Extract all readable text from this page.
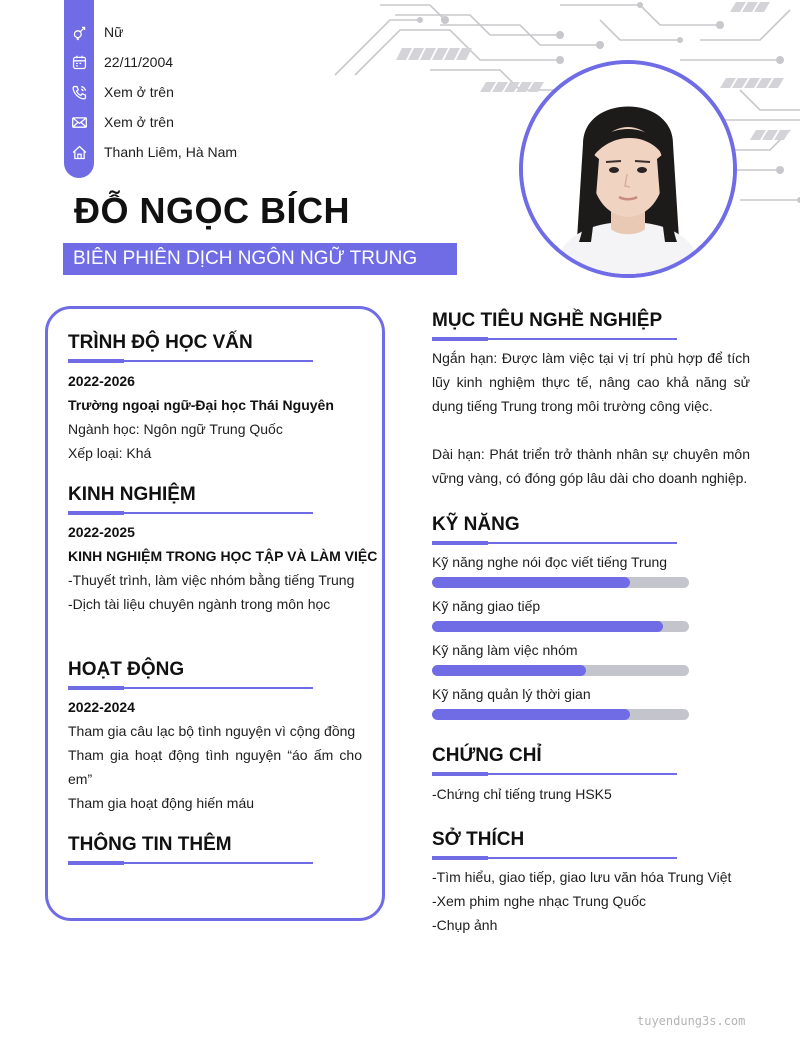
Nữ
22/11/2004
Xem ở trên
Xem ở trên
Thanh Liêm, Hà Nam
ĐỖ NGỌC BÍCH
BIÊN PHIÊN DỊCH NGÔN NGỮ TRUNG
TRÌNH ĐỘ HỌC VẤN
2022-2026
Trường ngoại ngữ-Đại học Thái Nguyên
Ngành học: Ngôn ngữ Trung Quốc
Xếp loại: Khá
KINH NGHIỆM
2022-2025
KINH NGHIỆM TRONG HỌC TẬP VÀ LÀM VIỆC
-Thuyết trình, làm việc nhóm bằng tiếng Trung
-Dịch tài liệu chuyên ngành trong môn học
HOẠT ĐỘNG
2022-2024
Tham gia câu lạc bộ tình nguyện vì cộng đồng
Tham gia hoạt động tình nguyện “áo ấm cho em”
Tham gia hoạt động hiến máu
THÔNG TIN THÊM
MỤC TIÊU NGHỀ NGHIỆP
Ngắn hạn: Được làm việc tại vị trí phù hợp để tích lũy kinh nghiệm thực tế, nâng cao khả năng sử dụng tiếng Trung trong môi trường công việc.
Dài hạn: Phát triển trở thành nhân sự chuyên môn vững vàng, có đóng góp lâu dài cho doanh nghiệp.
KỸ NĂNG
Kỹ năng nghe nói đọc viết tiếng Trung
Kỹ năng giao tiếp
Kỹ năng làm việc nhóm
Kỹ năng quản lý thời gian
CHỨNG CHỈ
-Chứng chỉ tiếng trung HSK5
SỞ THÍCH
-Tìm hiểu, giao tiếp, giao lưu văn hóa Trung Việt
-Xem phim nghe nhạc Trung Quốc
-Chụp ảnh
tuyendung3s.com
